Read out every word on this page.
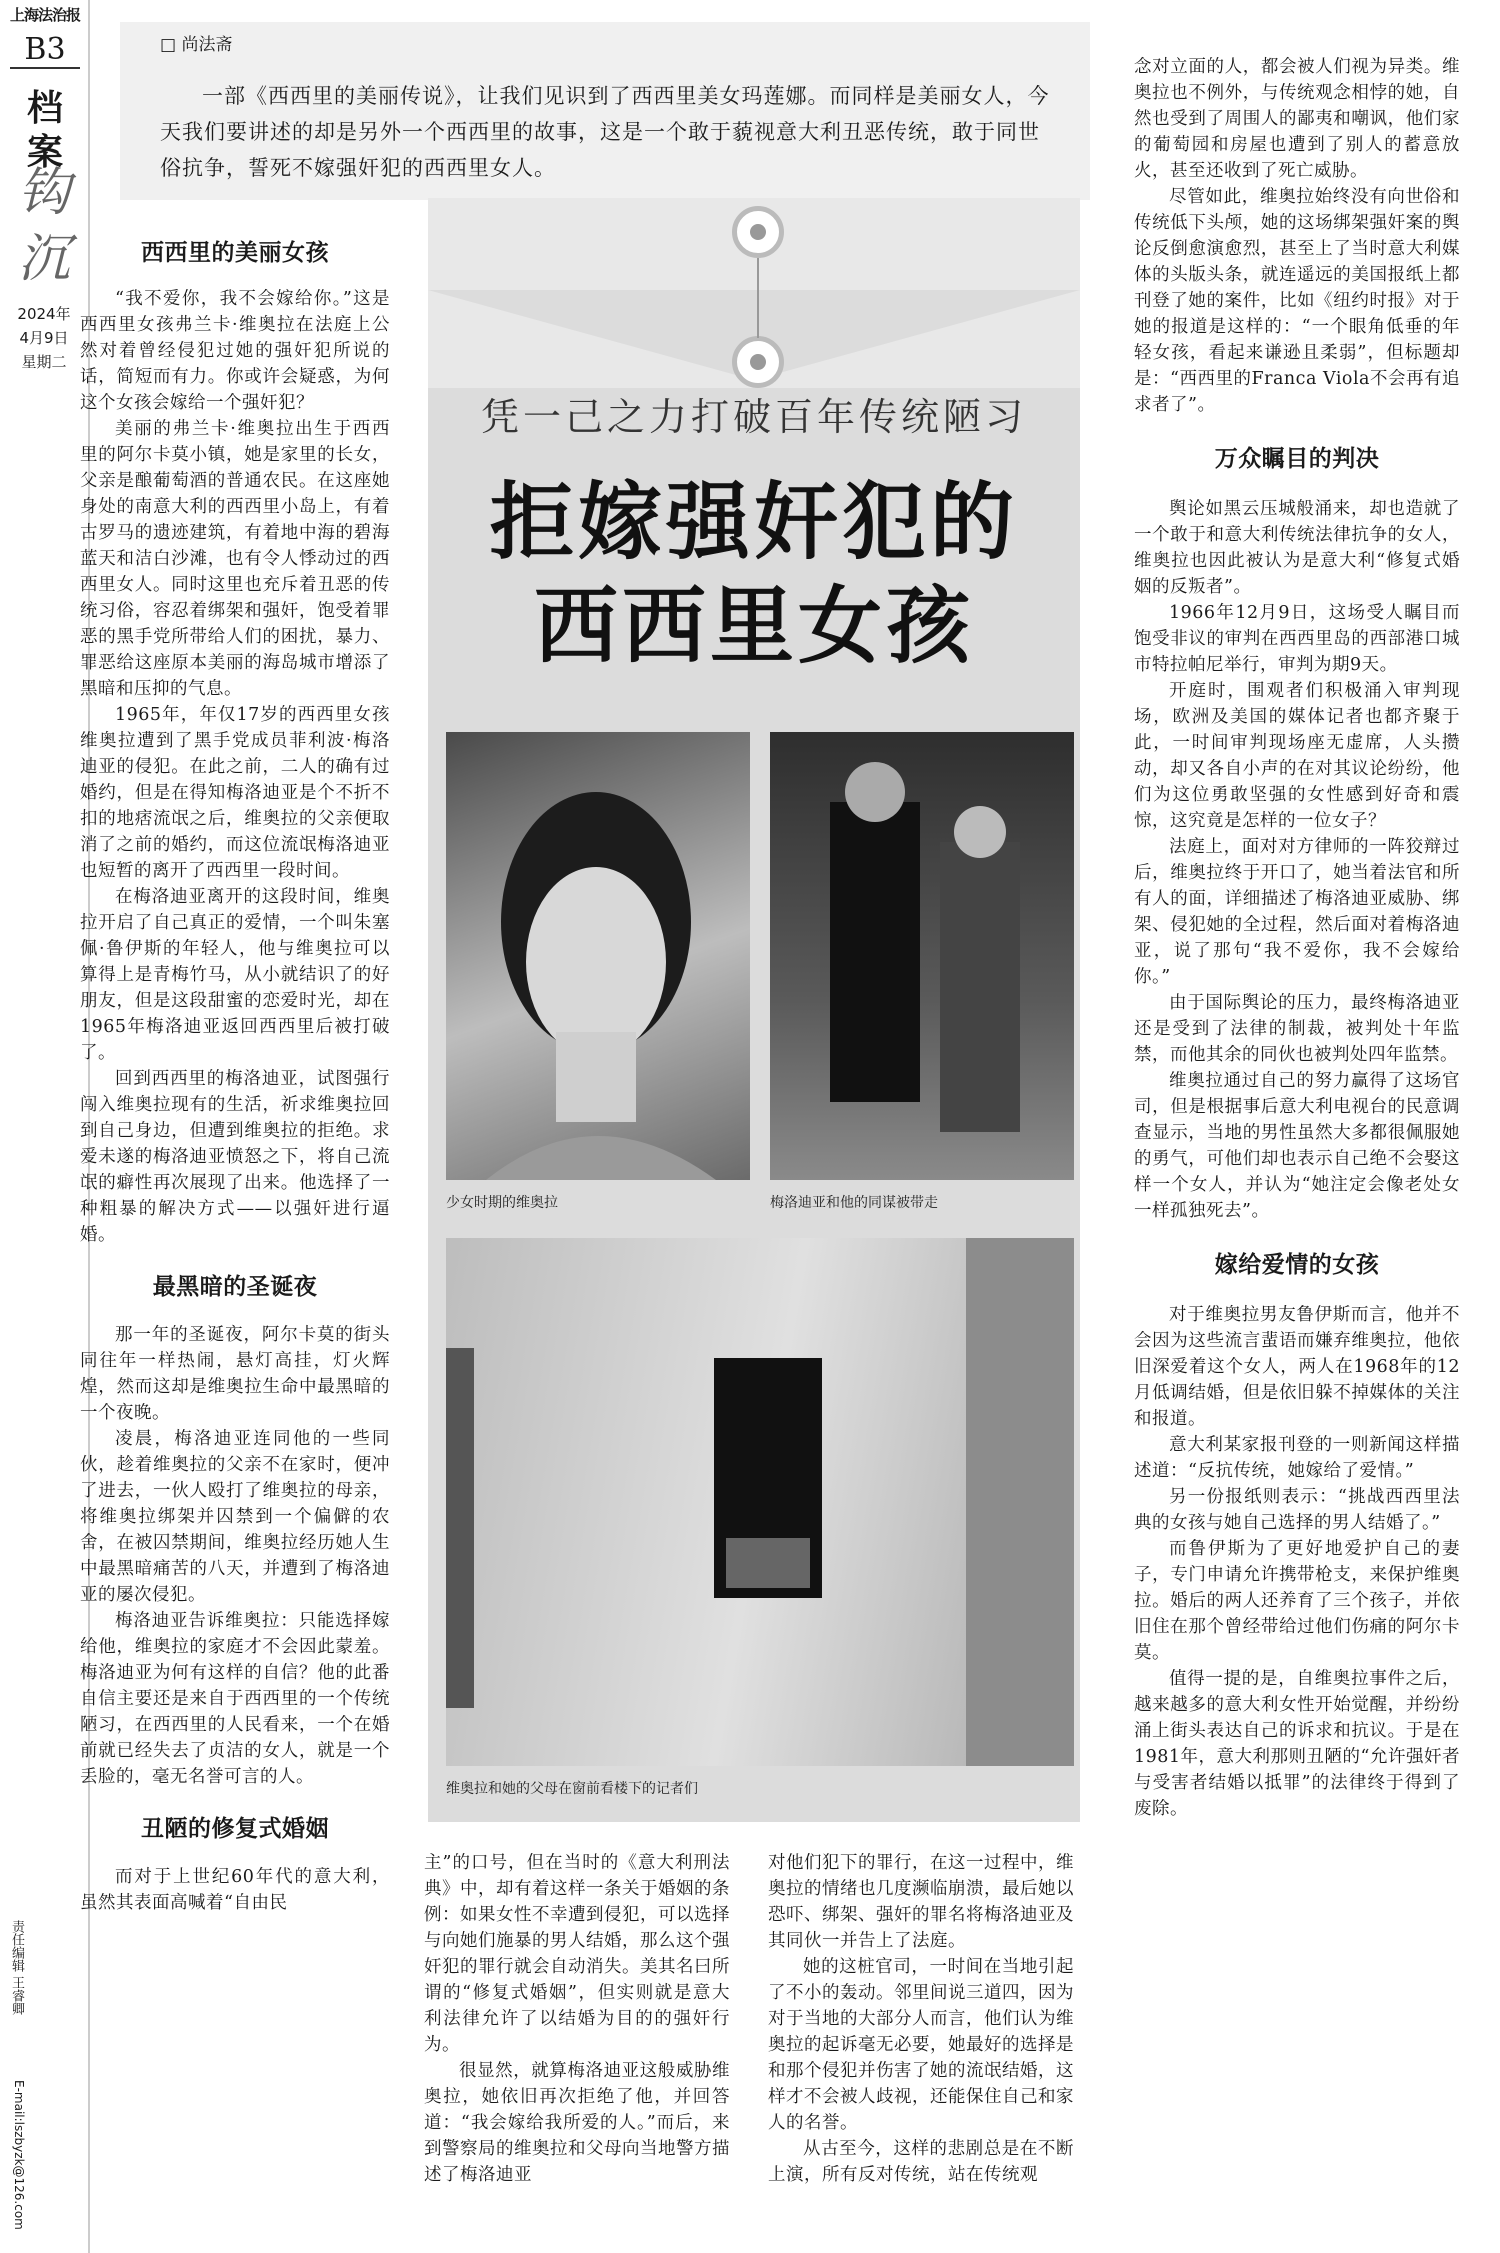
上海法治报
B3
档案
钩沉
2024年
4月9日
星期二
责任编辑 王睿卿
E-mail:lszbyzk@126.com
□ 尚法斋
一部《西西里的美丽传说》，让我们见识到了西西里美女玛莲娜。而同样是美丽女人，今天我们要讲述的却是另外一个西西里的故事，这是一个敢于藐视意大利丑恶传统，敢于同世俗抗争，誓死不嫁强奸犯的西西里女人。
西西里的美丽女孩

“我不爱你，我不会嫁给你。”这是西西里女孩弗兰卡·维奥拉在法庭上公然对着曾经侵犯过她的强奸犯所说的话，简短而有力。你或许会疑惑，为何这个女孩会嫁给一个强奸犯？

美丽的弗兰卡·维奥拉出生于西西里的阿尔卡莫小镇，她是家里的长女，父亲是酿葡萄酒的普通农民。在这座她身处的南意大利的西西里小岛上，有着古罗马的遗迹建筑，有着地中海的碧海蓝天和洁白沙滩，也有令人悸动过的西西里女人。同时这里也充斥着丑恶的传统习俗，容忍着绑架和强奸，饱受着罪恶的黑手党所带给人们的困扰，暴力、罪恶给这座原本美丽的海岛城市增添了黑暗和压抑的气息。

1965年，年仅17岁的西西里女孩维奥拉遭到了黑手党成员菲利波·梅洛迪亚的侵犯。在此之前，二人的确有过婚约，但是在得知梅洛迪亚是个不折不扣的地痞流氓之后，维奥拉的父亲便取消了之前的婚约，而这位流氓梅洛迪亚也短暂的离开了西西里一段时间。

在梅洛迪亚离开的这段时间，维奥拉开启了自己真正的爱情，一个叫朱塞佩·鲁伊斯的年轻人，他与维奥拉可以算得上是青梅竹马，从小就结识了的好朋友，但是这段甜蜜的恋爱时光，却在1965年梅洛迪亚返回西西里后被打破了。

回到西西里的梅洛迪亚，试图强行闯入维奥拉现有的生活，祈求维奥拉回到自己身边，但遭到维奥拉的拒绝。求爱未遂的梅洛迪亚愤怒之下，将自己流氓的癖性再次展现了出来。他选择了一种粗暴的解决方式——以强奸进行逼婚。

最黑暗的圣诞夜

那一年的圣诞夜，阿尔卡莫的街头同往年一样热闹，悬灯高挂，灯火辉煌，然而这却是维奥拉生命中最黑暗的一个夜晚。

凌晨，梅洛迪亚连同他的一些同伙，趁着维奥拉的父亲不在家时，便冲了进去，一伙人殴打了维奥拉的母亲，将维奥拉绑架并囚禁到一个偏僻的农舍，在被囚禁期间，维奥拉经历她人生中最黑暗痛苦的八天，并遭到了梅洛迪亚的屡次侵犯。

梅洛迪亚告诉维奥拉：只能选择嫁给他，维奥拉的家庭才不会因此蒙羞。梅洛迪亚为何有这样的自信？他的此番自信主要还是来自于西西里的一个传统陋习，在西西里的人民看来，一个在婚前就已经失去了贞洁的女人，就是一个丢脸的，毫无名誉可言的人。

丑陋的修复式婚姻

而对于上世纪60年代的意大利，虽然其表面高喊着“自由民

凭一己之力打破百年传统陋习
拒嫁强奸犯的
西西里女孩
少女时期的维奥拉	梅洛迪亚和他的同谋被带走
维奥拉和她的父母在窗前看楼下的记者们

主”的口号，但在当时的《意大利刑法典》中，却有着这样一条关于婚姻的条例：如果女性不幸遭到侵犯，可以选择与向她们施暴的男人结婚，那么这个强奸犯的罪行就会自动消失。美其名曰所谓的“修复式婚姻”，但实则就是意大利法律允许了以结婚为目的的强奸行为。

很显然，就算梅洛迪亚这般威胁维奥拉，她依旧再次拒绝了他，并回答道：“我会嫁给我所爱的人。”而后，来到警察局的维奥拉和父母向当地警方描述了梅洛迪亚

对他们犯下的罪行，在这一过程中，维奥拉的情绪也几度濒临崩溃，最后她以恐吓、绑架、强奸的罪名将梅洛迪亚及其同伙一并告上了法庭。

她的这桩官司，一时间在当地引起了不小的轰动。邻里间说三道四，因为对于当地的大部分人而言，他们认为维奥拉的起诉毫无必要，她最好的选择是和那个侵犯并伤害了她的流氓结婚，这样才不会被人歧视，还能保住自己和家人的名誉。

从古至今，这样的悲剧总是在不断上演，所有反对传统，站在传统观

念对立面的人，都会被人们视为异类。维奥拉也不例外，与传统观念相悖的她，自然也受到了周围人的鄙夷和嘲讽，他们家的葡萄园和房屋也遭到了别人的蓄意放火，甚至还收到了死亡威胁。

尽管如此，维奥拉始终没有向世俗和传统低下头颅，她的这场绑架强奸案的舆论反倒愈演愈烈，甚至上了当时意大利媒体的头版头条，就连遥远的美国报纸上都刊登了她的案件，比如《纽约时报》对于她的报道是这样的：“一个眼角低垂的年轻女孩，看起来谦逊且柔弱”，但标题却是：“西西里的Franca Viola不会再有追求者了”。

万众瞩目的判决

舆论如黑云压城般涌来，却也造就了一个敢于和意大利传统法律抗争的女人，维奥拉也因此被认为是意大利“修复式婚姻的反叛者”。

1966年12月9日，这场受人瞩目而饱受非议的审判在西西里岛的西部港口城市特拉帕尼举行，审判为期9天。

开庭时，围观者们积极涌入审判现场，欧洲及美国的媒体记者也都齐聚于此，一时间审判现场座无虚席，人头攒动，却又各自小声的在对其议论纷纷，他们为这位勇敢坚强的女性感到好奇和震惊，这究竟是怎样的一位女子？

法庭上，面对对方律师的一阵狡辩过后，维奥拉终于开口了，她当着法官和所有人的面，详细描述了梅洛迪亚威胁、绑架、侵犯她的全过程，然后面对着梅洛迪亚，说了那句“我不爱你，我不会嫁给你。”

由于国际舆论的压力，最终梅洛迪亚还是受到了法律的制裁，被判处十年监禁，而他其余的同伙也被判处四年监禁。

维奥拉通过自己的努力赢得了这场官司，但是根据事后意大利电视台的民意调查显示，当地的男性虽然大多都很佩服她的勇气，可他们却也表示自己绝不会娶这样一个女人，并认为“她注定会像老处女一样孤独死去”。

嫁给爱情的女孩

对于维奥拉男友鲁伊斯而言，他并不会因为这些流言蜚语而嫌弃维奥拉，他依旧深爱着这个女人，两人在1968年的12月低调结婚，但是依旧躲不掉媒体的关注和报道。

意大利某家报刊登的一则新闻这样描述道：“反抗传统，她嫁给了爱情。”

另一份报纸则表示：“挑战西西里法典的女孩与她自己选择的男人结婚了。”

而鲁伊斯为了更好地爱护自己的妻子，专门申请允许携带枪支，来保护维奥拉。婚后的两人还养育了三个孩子，并依旧住在那个曾经带给过他们伤痛的阿尔卡莫。

值得一提的是，自维奥拉事件之后，越来越多的意大利女性开始觉醒，并纷纷涌上街头表达自己的诉求和抗议。于是在1981年，意大利那则丑陋的“允许强奸者与受害者结婚以抵罪”的法律终于得到了废除。
